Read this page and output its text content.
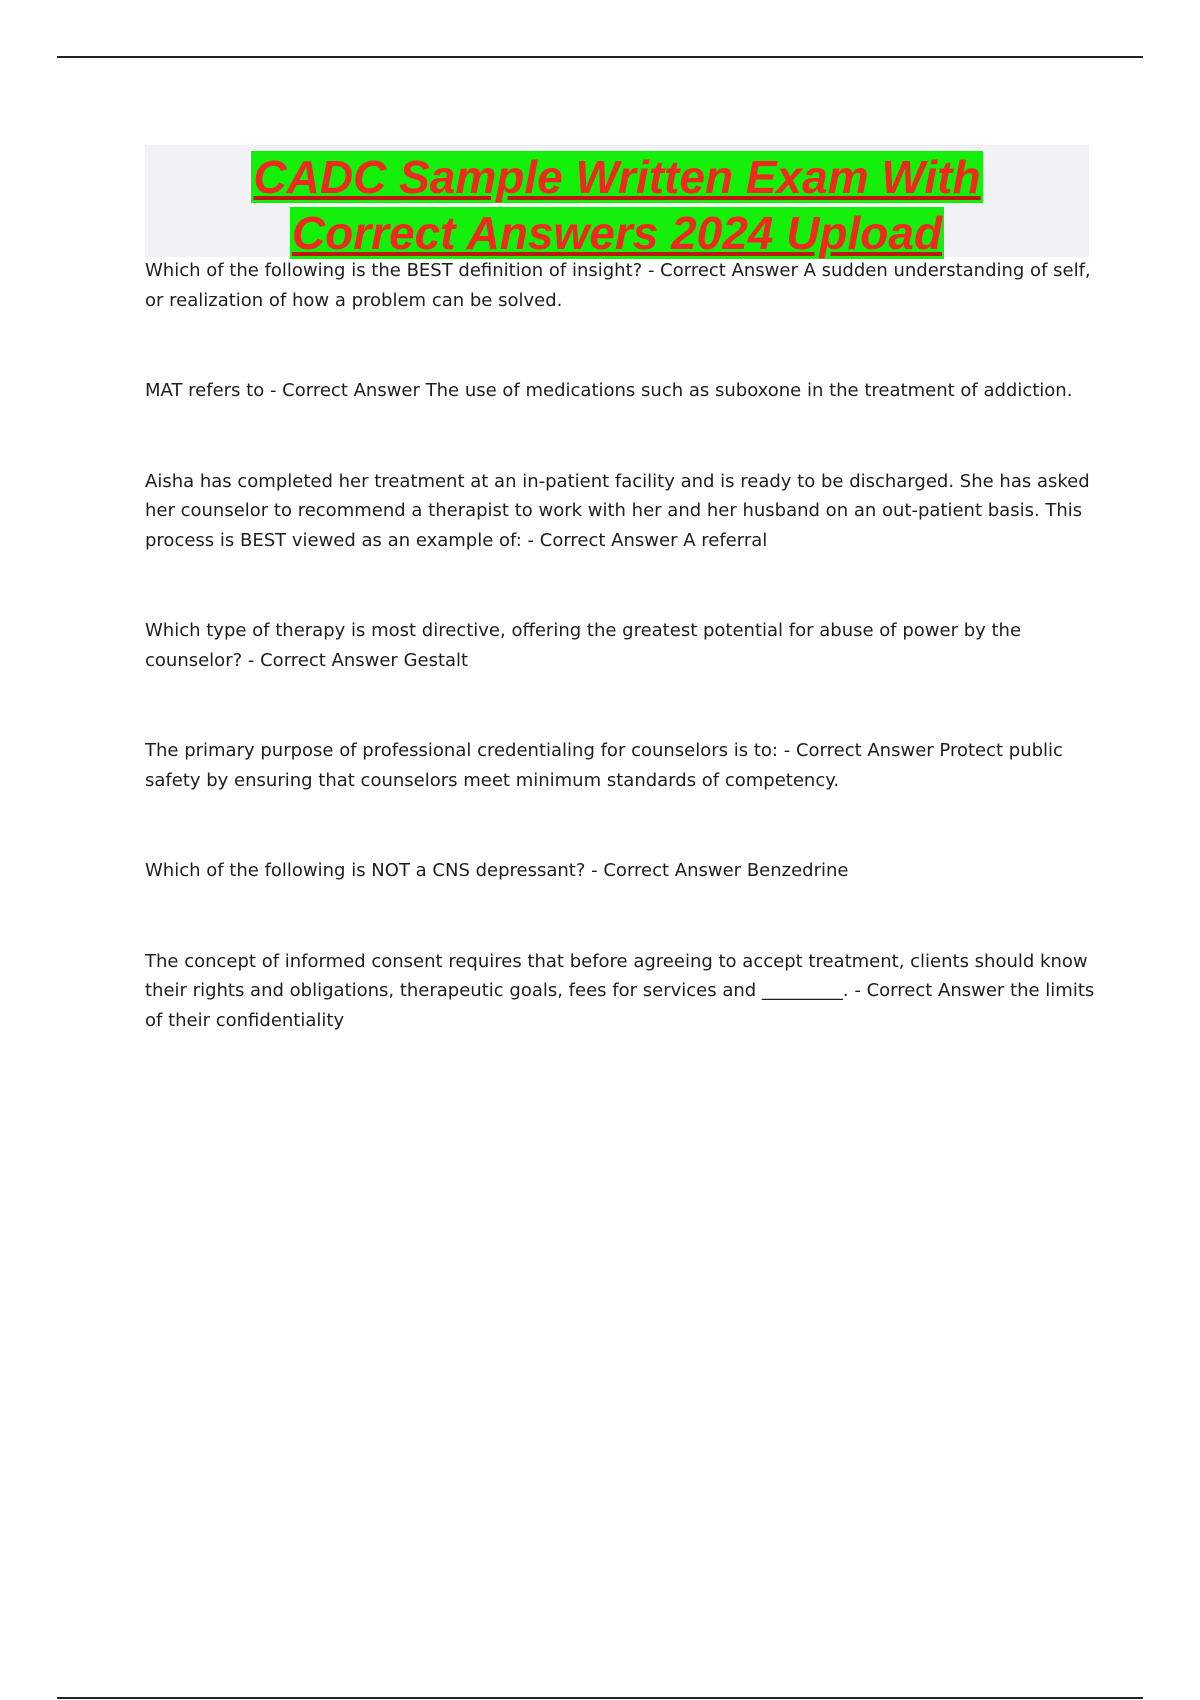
CADC Sample Written Exam With
Correct Answers 2024 Upload

Which of the following is the BEST definition of insight? - Correct Answer A sudden understanding of self, or realization of how a problem can be solved.

MAT refers to - Correct Answer The use of medications such as suboxone in the treatment of addiction.

Aisha has completed her treatment at an in-patient facility and is ready to be discharged. She has asked her counselor to recommend a therapist to work with her and her husband on an out-patient basis. This process is BEST viewed as an example of: - Correct Answer A referral

Which type of therapy is most directive, offering the greatest potential for abuse of power by the counselor? - Correct Answer Gestalt

The primary purpose of professional credentialing for counselors is to: - Correct Answer Protect public safety by ensuring that counselors meet minimum standards of competency.

Which of the following is NOT a CNS depressant? - Correct Answer Benzedrine

The concept of informed consent requires that before agreeing to accept treatment, clients should know their rights and obligations, therapeutic goals, fees for services and _________. - Correct Answer the limits of their confidentiality
